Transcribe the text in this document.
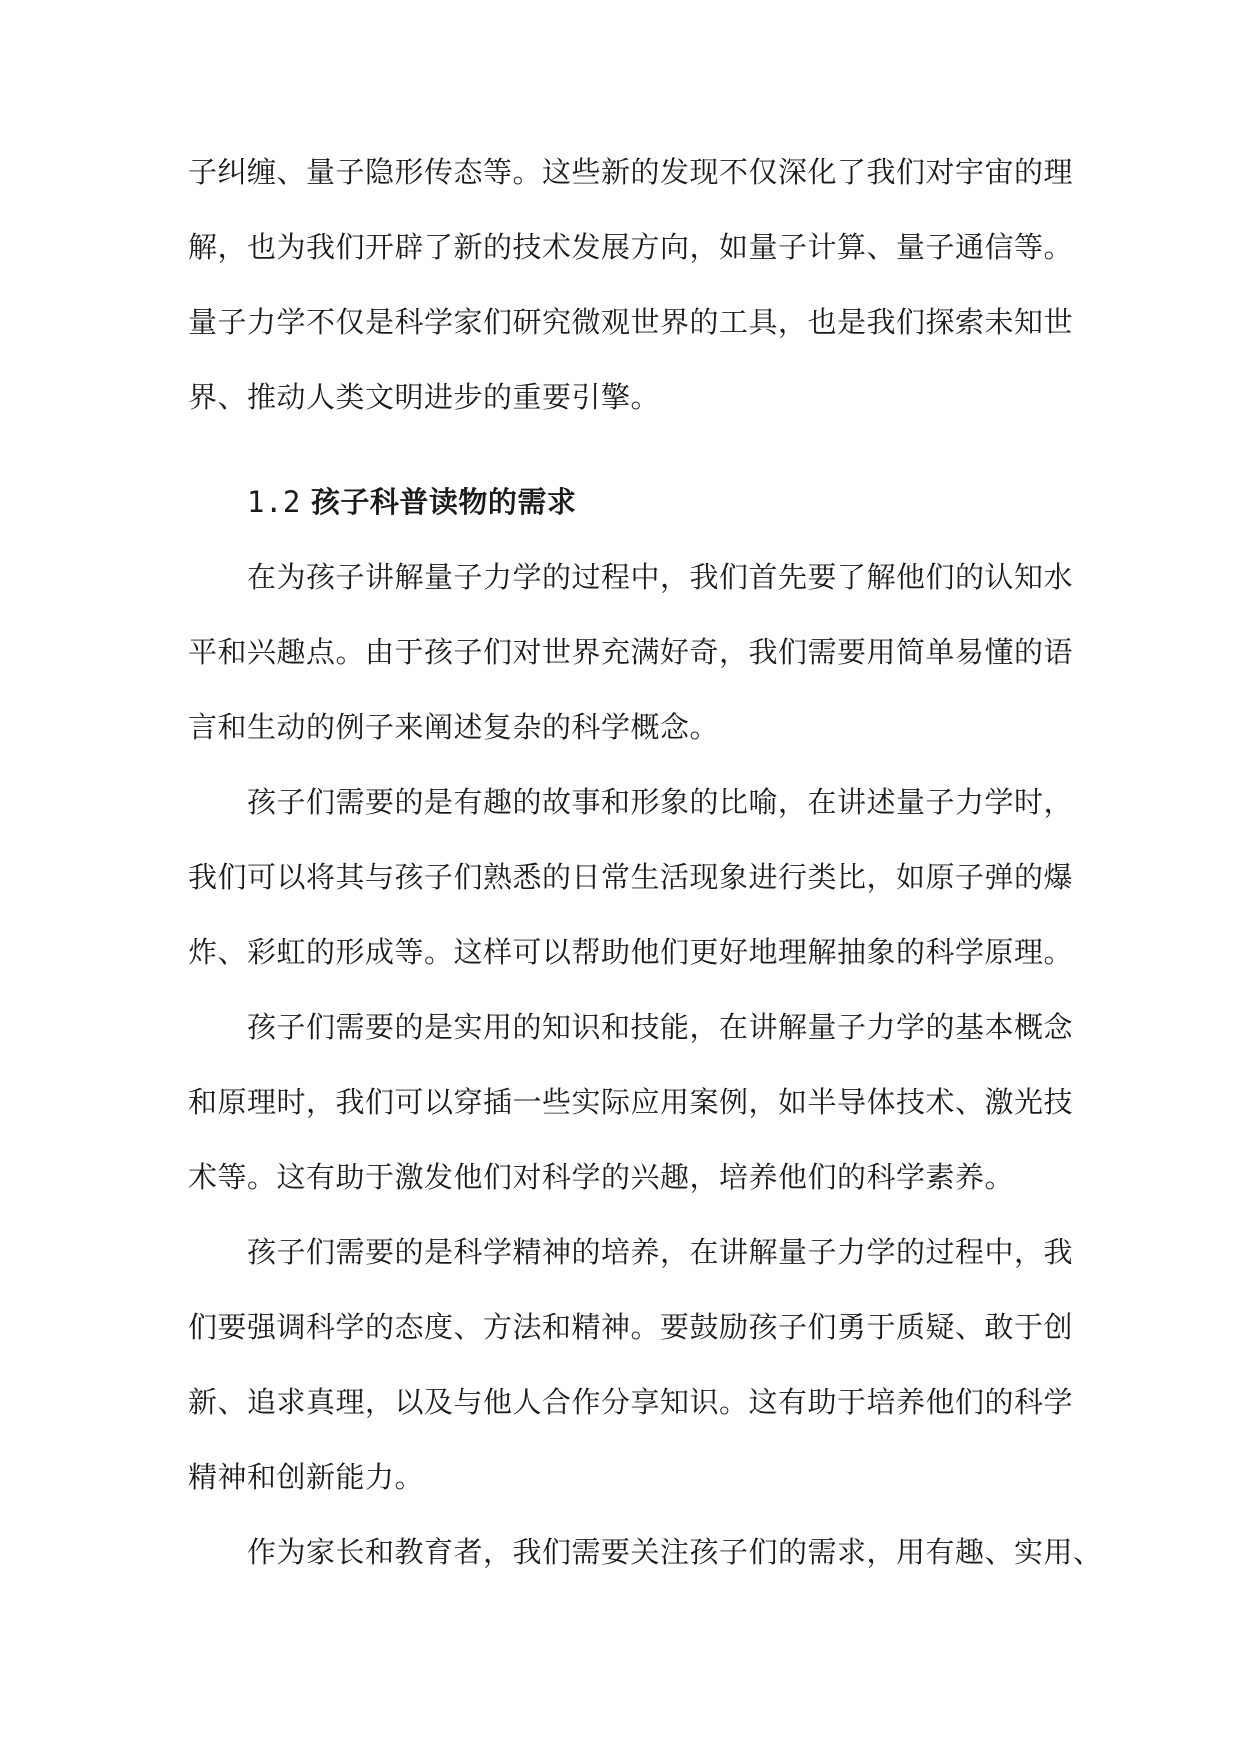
子纠缠、量子隐形传态等。这些新的发现不仅深化了我们对宇宙的理
解，也为我们开辟了新的技术发展方向，如量子计算、量子通信等。
量子力学不仅是科学家们研究微观世界的工具，也是我们探索未知世
界、推动人类文明进步的重要引擎。
1.2 孩子科普读物的需求
在为孩子讲解量子力学的过程中，我们首先要了解他们的认知水
平和兴趣点。由于孩子们对世界充满好奇，我们需要用简单易懂的语
言和生动的例子来阐述复杂的科学概念。
孩子们需要的是有趣的故事和形象的比喻，在讲述量子力学时，
我们可以将其与孩子们熟悉的日常生活现象进行类比，如原子弹的爆
炸、彩虹的形成等。这样可以帮助他们更好地理解抽象的科学原理。
孩子们需要的是实用的知识和技能，在讲解量子力学的基本概念
和原理时，我们可以穿插一些实际应用案例，如半导体技术、激光技
术等。这有助于激发他们对科学的兴趣，培养他们的科学素养。
孩子们需要的是科学精神的培养，在讲解量子力学的过程中，我
们要强调科学的态度、方法和精神。要鼓励孩子们勇于质疑、敢于创
新、追求真理，以及与他人合作分享知识。这有助于培养他们的科学
精神和创新能力。
作为家长和教育者，我们需要关注孩子们的需求，用有趣、实用、
